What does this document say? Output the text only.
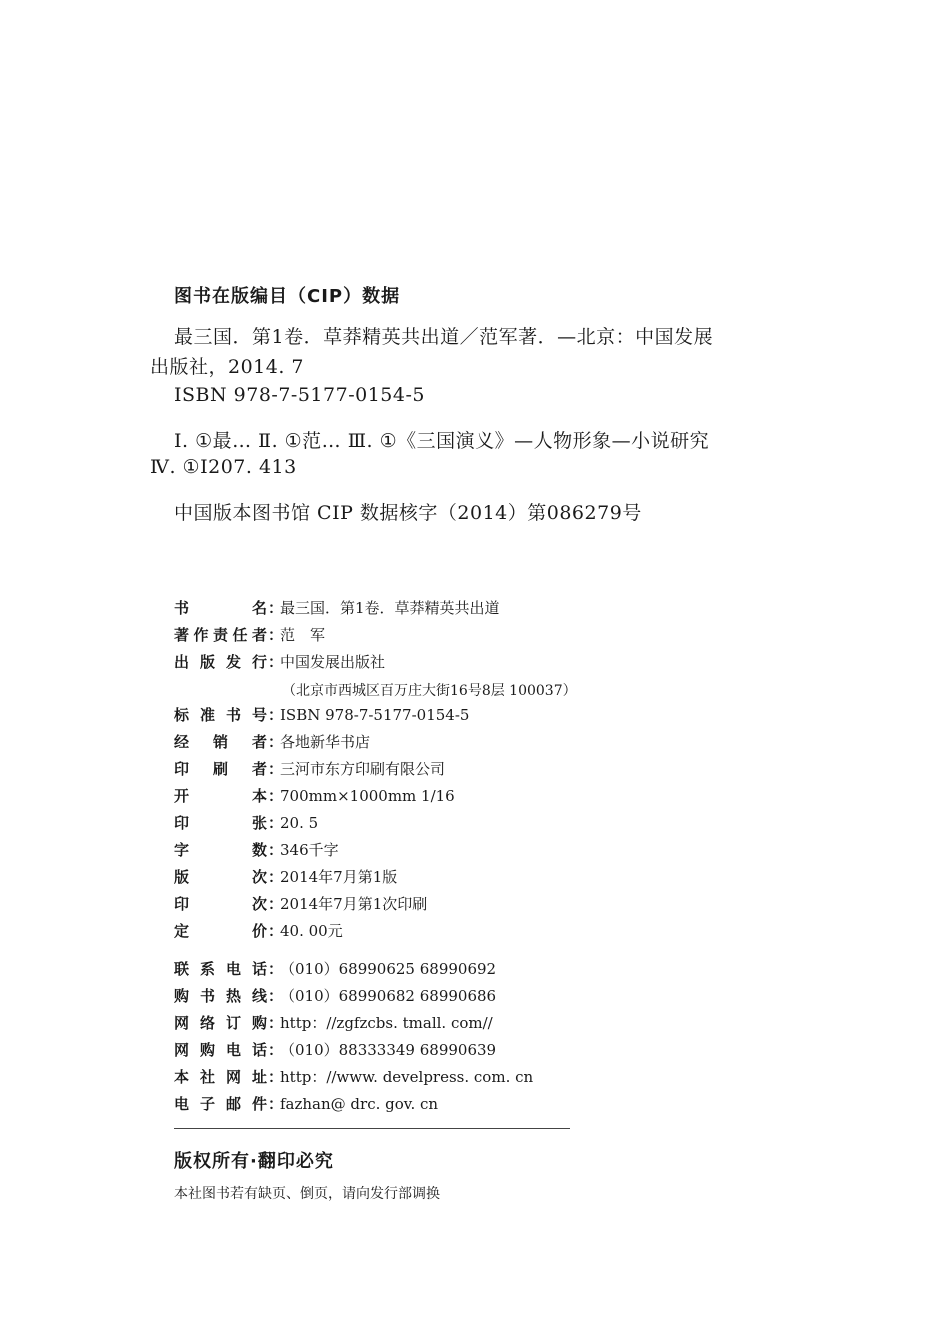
图书在版编目（CIP）数据
最三国．第1卷．草莽精英共出道／范军著．—北京：中国发展
出版社，2014. 7
ISBN 978-7-5177-0154-5
Ⅰ. ①最… Ⅱ. ①范… Ⅲ. ①《三国演义》—人物形象—小说研究
Ⅳ. ①I207. 413
中国版本图书馆 CIP 数据核字（2014）第086279号
书名：最三国．第1卷．草莽精英共出道
著作责任者：范　军
出版发行：中国发展出版社
（北京市西城区百万庄大街16号8层 100037）
标准书号：ISBN 978-7-5177-0154-5
经销者：各地新华书店
印刷者：三河市东方印刷有限公司
开本：700mm×1000mm 1/16
印张：20. 5
字数：346千字
版次：2014年7月第1版
印次：2014年7月第1次印刷
定价：40. 00元
联系电话：（010）68990625 68990692
购书热线：（010）68990682 68990686
网络订购：http：//zgfzcbs. tmall. com//
网购电话：（010）88333349 68990639
本社网址：http：//www. develpress. com. cn
电子邮件：fazhan@ drc. gov. cn
版权所有·翻印必究
本社图书若有缺页、倒页，请向发行部调换
